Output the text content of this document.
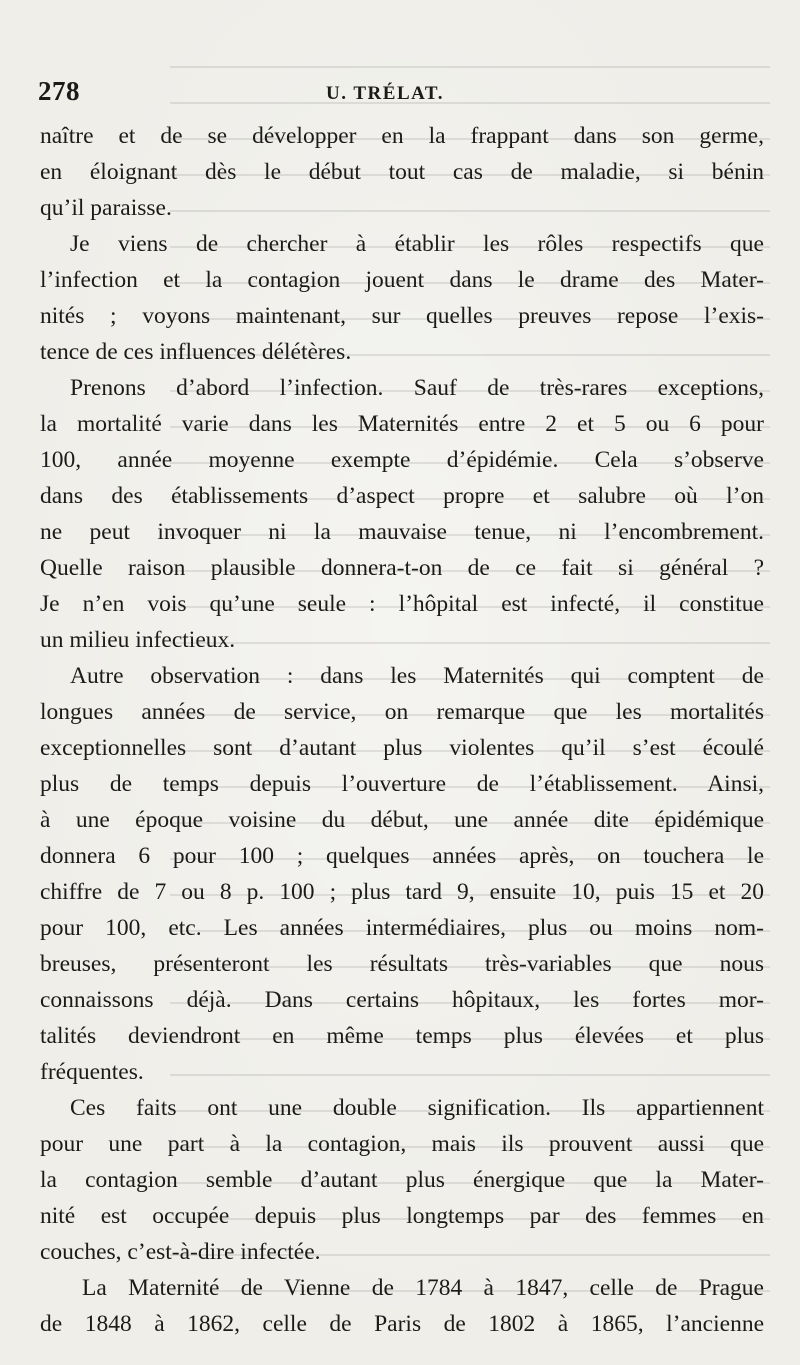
278	U. TRÉLAT.
naître et de se développer en la frappant dans son germe,
en éloignant dès le début tout cas de maladie, si bénin
qu’il paraisse.
Je viens de chercher à établir les rôles respectifs que
l’infection et la contagion jouent dans le drame des Mater-
nités ; voyons maintenant, sur quelles preuves repose l’exis-
tence de ces influences délétères.
Prenons d’abord l’infection. Sauf de très-rares exceptions,
la mortalité varie dans les Maternités entre 2 et 5 ou 6 pour
100, année moyenne exempte d’épidémie. Cela s’observe
dans des établissements d’aspect propre et salubre où l’on
ne peut invoquer ni la mauvaise tenue, ni l’encombrement.
Quelle raison plausible donnera-t-on de ce fait si général ?
Je n’en vois qu’une seule : l’hôpital est infecté, il constitue
un milieu infectieux.
Autre observation : dans les Maternités qui comptent de
longues années de service, on remarque que les mortalités
exceptionnelles sont d’autant plus violentes qu’il s’est écoulé
plus de temps depuis l’ouverture de l’établissement. Ainsi,
à une époque voisine du début, une année dite épidémique
donnera 6 pour 100 ; quelques années après, on touchera le
chiffre de 7 ou 8 p. 100 ; plus tard 9, ensuite 10, puis 15 et 20
pour 100, etc. Les années intermédiaires, plus ou moins nom-
breuses, présenteront les résultats très-variables que nous
connaissons déjà. Dans certains hôpitaux, les fortes mor-
talités deviendront en même temps plus élevées et plus
fréquentes.
Ces faits ont une double signification. Ils appartiennent
pour une part à la contagion, mais ils prouvent aussi que
la contagion semble d’autant plus énergique que la Mater-
nité est occupée depuis plus longtemps par des femmes en
couches, c’est-à-dire infectée.
La Maternité de Vienne de 1784 à 1847, celle de Prague
de 1848 à 1862, celle de Paris de 1802 à 1865, l’ancienne
